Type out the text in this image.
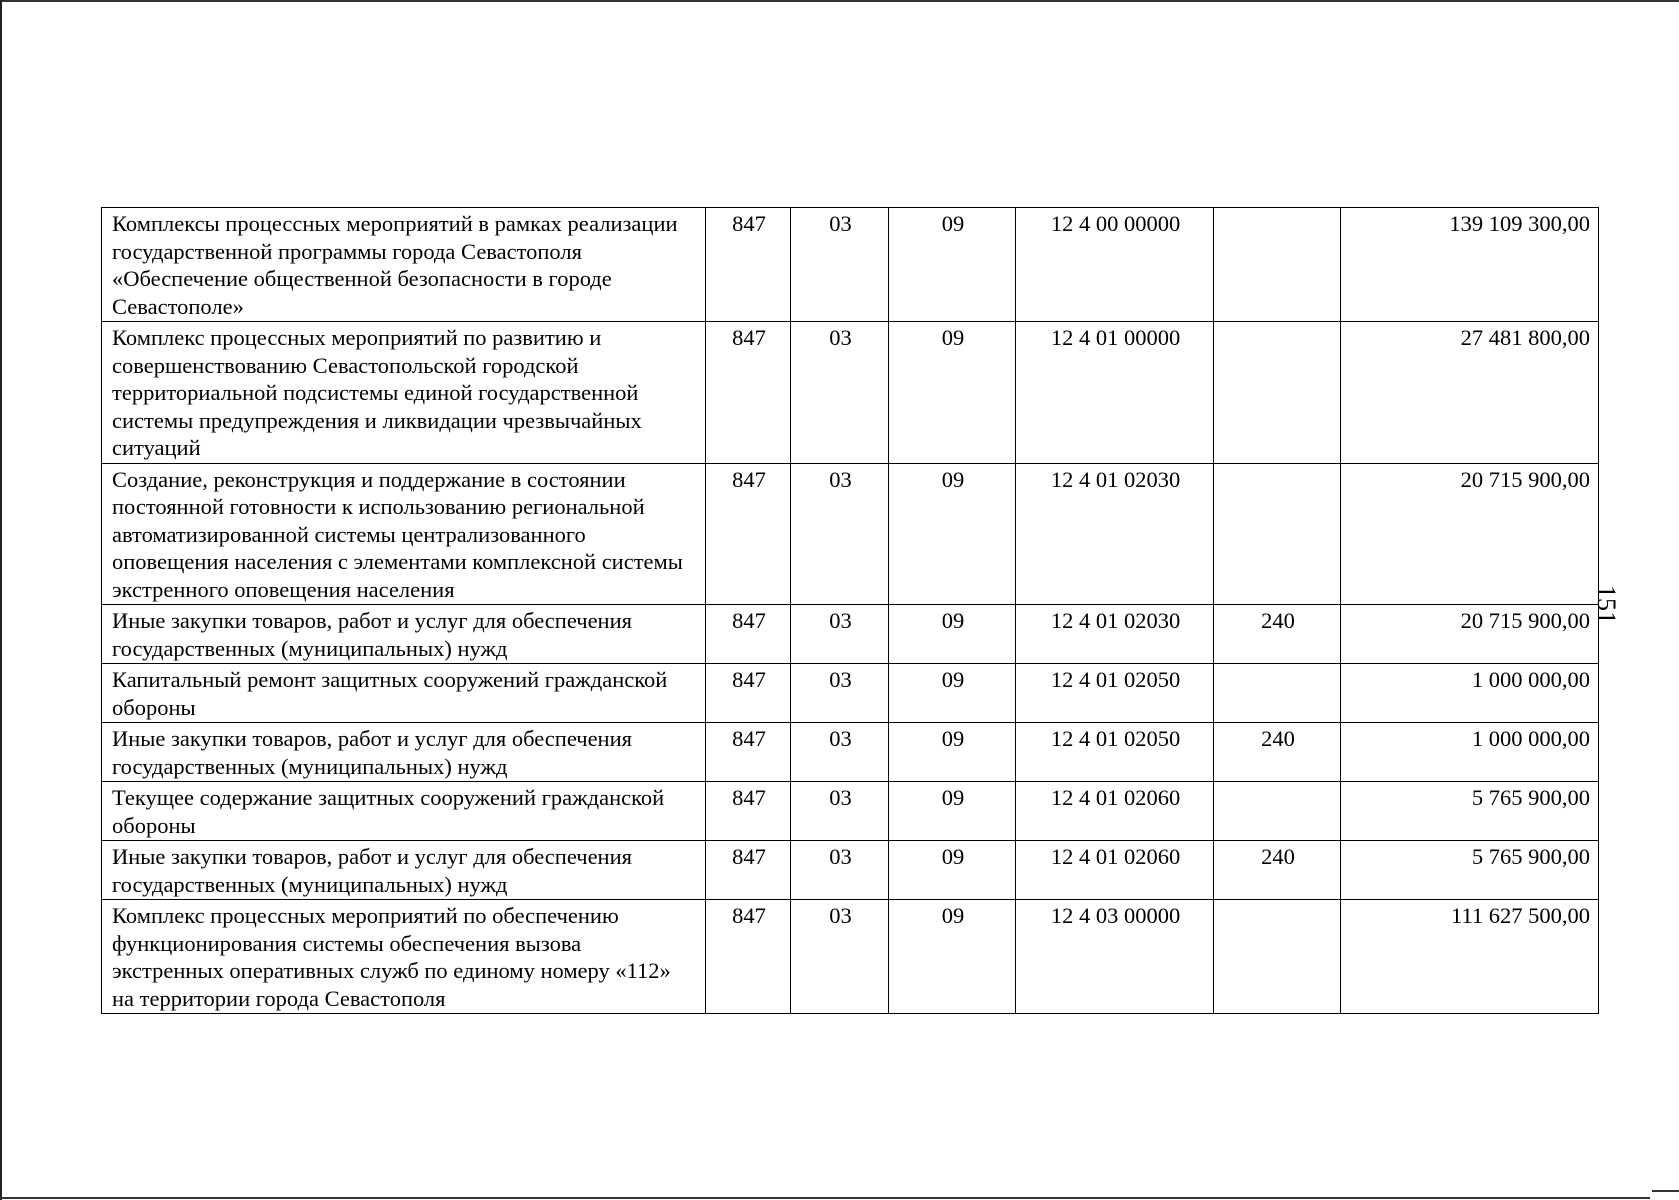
Комплексы процессных мероприятий в рамках реализации государственной программы города Севастополя «Обеспечение общественной безопасности в городе Севастополе»	847	03	09	12 4 00 00000		139 109 300,00
Комплекс процессных мероприятий по развитию и совершенствованию Севастопольской городской территориальной подсистемы единой государственной системы предупреждения и ликвидации чрезвычайных ситуаций	847	03	09	12 4 01 00000		27 481 800,00
Создание, реконструкция и поддержание в состоянии постоянной готовности к использованию региональной автоматизированной системы централизованного оповещения населения с элементами комплексной системы экстренного оповещения населения	847	03	09	12 4 01 02030		20 715 900,00
Иные закупки товаров, работ и услуг для обеспечения государственных (муниципальных) нужд	847	03	09	12 4 01 02030	240	20 715 900,00
Капитальный ремонт защитных сооружений гражданской обороны	847	03	09	12 4 01 02050		1 000 000,00
Иные закупки товаров, работ и услуг для обеспечения государственных (муниципальных) нужд	847	03	09	12 4 01 02050	240	1 000 000,00
Текущее содержание защитных сооружений гражданской обороны	847	03	09	12 4 01 02060		5 765 900,00
Иные закупки товаров, работ и услуг для обеспечения государственных (муниципальных) нужд	847	03	09	12 4 01 02060	240	5 765 900,00
Комплекс процессных мероприятий по обеспечению функционирования системы обеспечения вызова экстренных оперативных служб по единому номеру «112» на территории города Севастополя	847	03	09	12 4 03 00000		111 627 500,00
151
